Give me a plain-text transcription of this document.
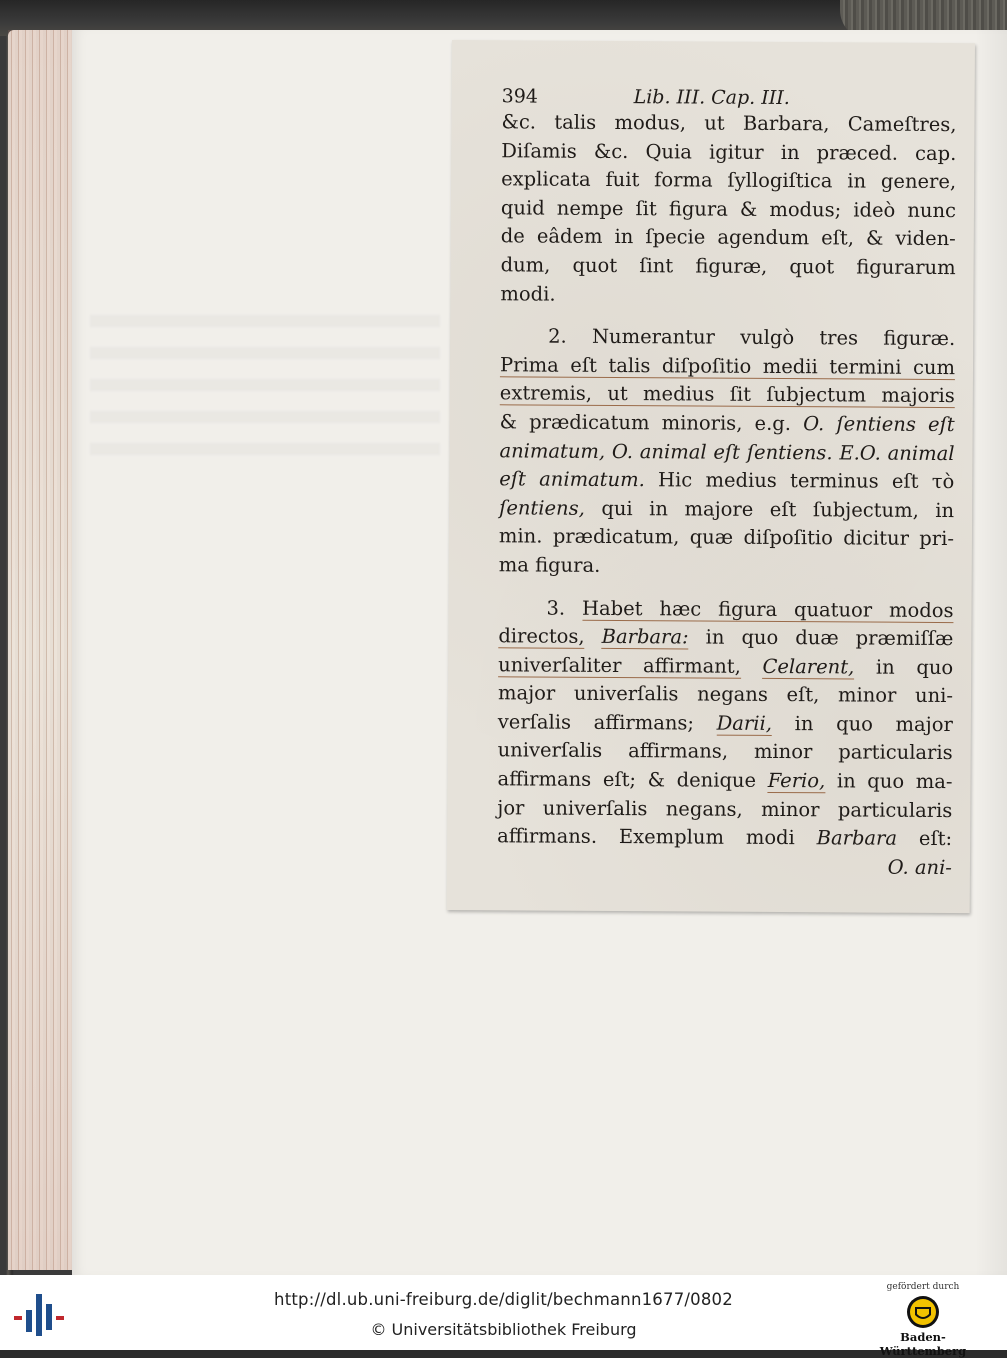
394	Lib. III. Cap. III.
&c. talis modus, ut Barbara, Cameſtres,
Diſamis &c. Quia igitur in præced. cap.
explicata fuit forma ſyllogiſtica in genere,
quid nempe ſit figura & modus; ideò nunc
de eâdem in ſpecie agendum eſt, & viden-
dum, quot ſint figuræ, quot figurarum
modi.
2. Numerantur vulgò tres figuræ.
Prima eſt talis diſpoſitio medii termini cum
extremis, ut medius ſit ſubjectum majoris
& prædicatum minoris, e.g. O. ſentiens eſt
animatum, O. animal eſt ſentiens. E.O. animal
eſt animatum. Hic medius terminus eſt τὸ
ſentiens, qui in majore eſt ſubjectum, in
min. prædicatum, quæ diſpoſitio dicitur pri-
ma figura.
3. Habet hæc figura quatuor modos
directos, Barbara: in quo duæ præmiſſæ
univerſaliter affirmant, Celarent, in quo
major univerſalis negans eſt, minor uni-
verſalis affirmans; Darii, in quo major
univerſalis affirmans, minor particularis
affirmans eſt; & denique Ferio, in quo ma-
jor univerſalis negans, minor particularis
affirmans. Exemplum modi Barbara eſt:
O. ani-
http://dl.ub.uni-freiburg.de/diglit/bechmann1677/0802
© Universitätsbibliothek Freiburg
gefördert durch
Baden-Württemberg
